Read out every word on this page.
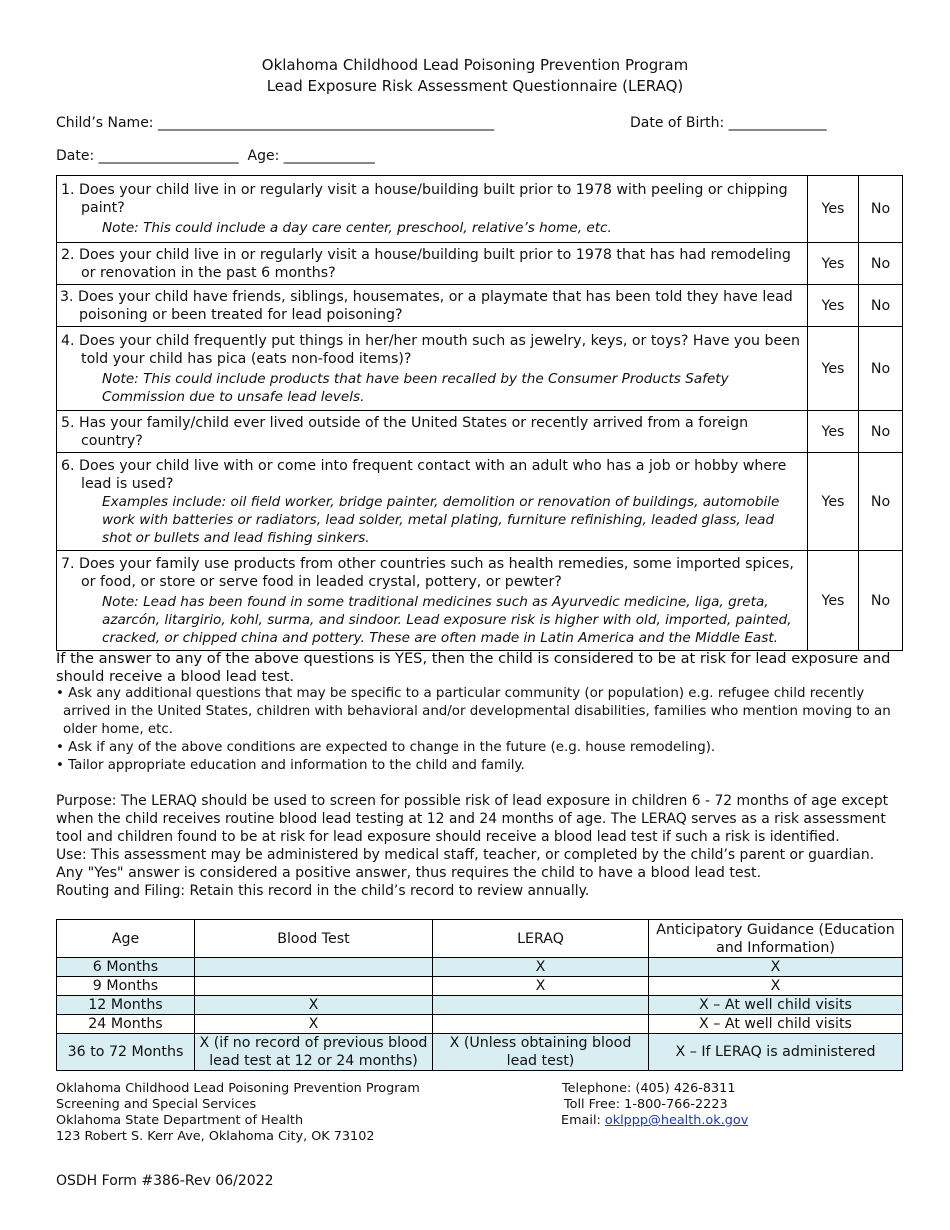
Oklahoma Childhood Lead Poisoning Prevention Program
Lead Exposure Risk Assessment Questionnaire (LERAQ)
Child’s Name: ________________________________________________	Date of Birth: ______________
Date: ____________________  Age: _____________

1. Does your child live in or regularly visit a house/building built prior to 1978 with peeling or chipping paint?

Note: This could include a day care center, preschool, relative’s home, etc.	Yes	No

2. Does your child live in or regularly visit a house/building built prior to 1978 that has had remodeling or renovation in the past 6 months?	Yes	No

3. Does your child have friends, siblings, housemates, or a playmate that has been told they have lead poisoning or been treated for lead poisoning?	Yes	No

4. Does your child frequently put things in her/her mouth such as jewelry, keys, or toys? Have you been told your child has pica (eats non-food items)?

Note: This could include products that have been recalled by the Consumer Products Safety Commission due to unsafe lead levels.	Yes	No

5. Has your family/child ever lived outside of the United States or recently arrived from a foreign country?	Yes	No

6. Does your child live with or come into frequent contact with an adult who has a job or hobby where lead is used?

Examples include: oil field worker, bridge painter, demolition or renovation of buildings, automobile work with batteries or radiators, lead solder, metal plating, furniture refinishing, leaded glass, lead shot or bullets and lead fishing sinkers.	Yes	No

7. Does your family use products from other countries such as health remedies, some imported spices, or food, or store or serve food in leaded crystal, pottery, or pewter?

Note: Lead has been found in some traditional medicines such as Ayurvedic medicine, liga, greta, azarcón, litargirio, kohl, surma, and sindoor. Lead exposure risk is higher with old, imported, painted, cracked, or chipped china and pottery. These are often made in Latin America and the Middle East.	Yes	No
If the answer to any of the above questions is YES, then the child is considered to be at risk for lead exposure and should receive a blood lead test.

• Ask any additional questions that may be specific to a particular community (or population) e.g. refugee child recently arrived in the United States, children with behavioral and/or developmental disabilities, families who mention moving to an older home, etc.

• Ask if any of the above conditions are expected to change in the future (e.g. house remodeling).

• Tailor appropriate education and information to the child and family.

Purpose: The LERAQ should be used to screen for possible risk of lead exposure in children 6 - 72 months of age except when the child receives routine blood lead testing at 12 and 24 months of age. The LERAQ serves as a risk assessment tool and children found to be at risk for lead exposure should receive a blood lead test if such a risk is identified.
Use: This assessment may be administered by medical staff, teacher, or completed by the child’s parent or guardian.
Any "Yes" answer is considered a positive answer, thus requires the child to have a blood lead test.
Routing and Filing: Retain this record in the child’s record to review annually.
Age	Blood Test	LERAQ	Anticipatory Guidance (Education and Information)
6 Months		X	X
9 Months		X	X
12 Months	X		X – At well child visits
24 Months	X		X – At well child visits
36 to 72 Months	X (if no record of previous blood lead test at 12 or 24 months)	X (Unless obtaining blood lead test)	X – If LERAQ is administered
Oklahoma Childhood Lead Poisoning Prevention Program
Screening and Special Services
Oklahoma State Department of Health
123 Robert S. Kerr Ave, Oklahoma City, OK 73102
Telephone: (405) 426-8311
Toll Free: 1-800-766-2223
Email: oklppp@health.ok.gov
OSDH Form #386-Rev 06/2022
